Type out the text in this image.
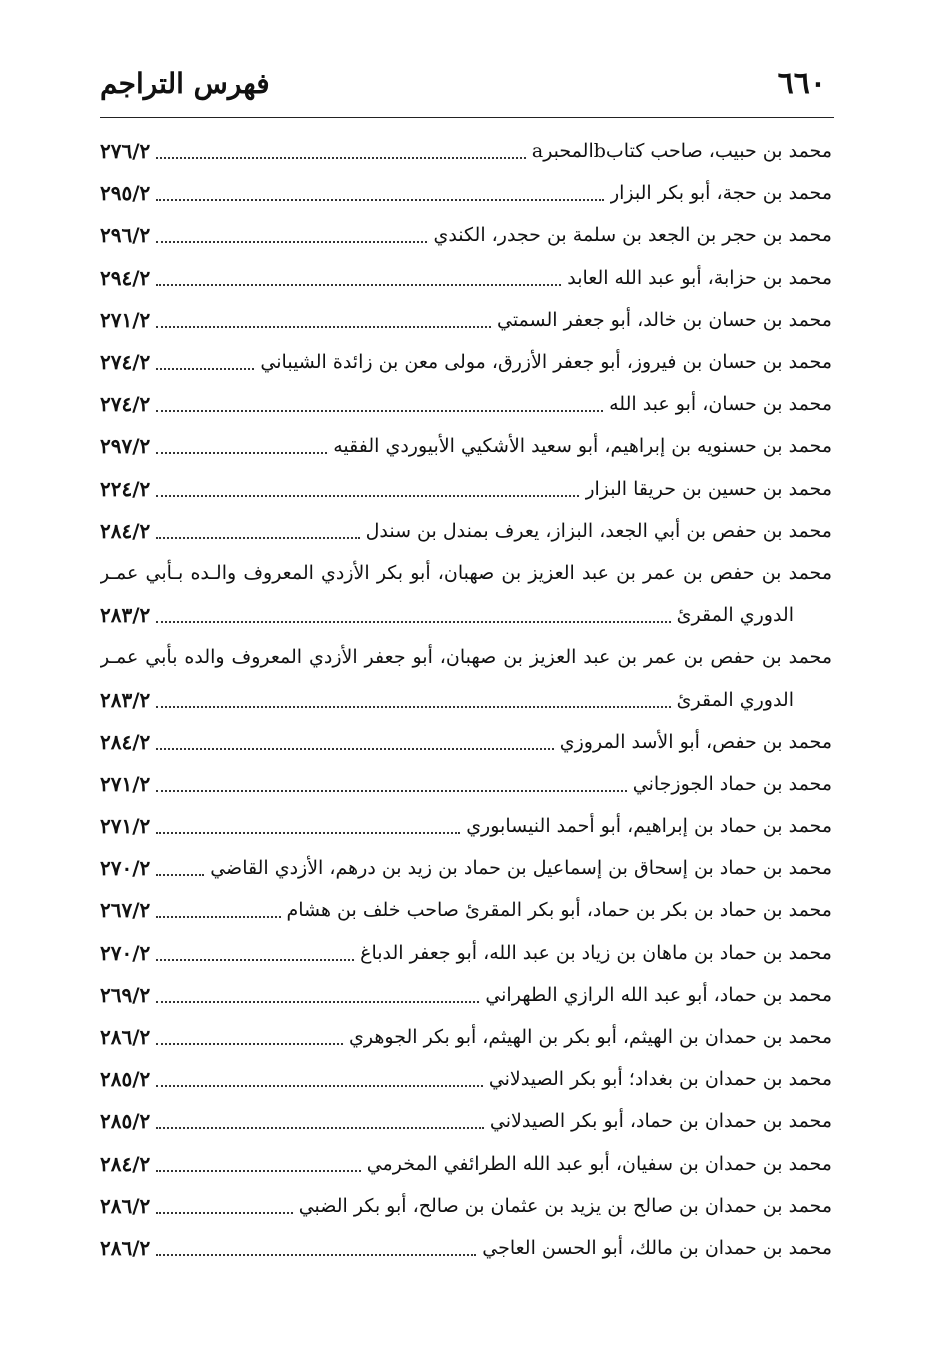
٦٦٠
فهرس التراجم
محمد بن حبيب، صاحب كتابbالمحبرa
٢٧٦/٢
محمد بن حجة، أبو بكر البزار
٢٩٥/٢
محمد بن حجر بن الجعد بن سلمة بن حجدر، الكندي
٢٩٦/٢
محمد بن حزابة، أبو عبد الله العابد
٢٩٤/٢
محمد بن حسان بن خالد، أبو جعفر السمتي
٢٧١/٢
محمد بن حسان بن فيروز، أبو جعفر الأزرق، مولى معن بن زائدة الشيباني
٢٧٤/٢
محمد بن حسان، أبو عبد الله
٢٧٤/٢
محمد بن حسنويه بن إبراهيم، أبو سعيد الأشكيي الأبيوردي الفقيه
٢٩٧/٢
محمد بن حسين بن حريقا البزار
٢٢٤/٢
محمد بن حفص بن أبي الجعد، البزاز، يعرف بمندل بن سندل
٢٨٤/٢
محمد بن حفص بن عمر بن عبد العزيز بن صهبان، أبو بكر الأزدي المعروف والـده بـأبي عمـر
الدوري المقرئ
٢٨٣/٢
محمد بن حفص بن عمر بن عبد العزيز بن صهبان، أبو جعفر الأزدي المعروف والده بأبي عمـر
الدوري المقرئ
٢٨٣/٢
محمد بن حفص، أبو الأسد المروزي
٢٨٤/٢
محمد بن حماد الجوزجاني
٢٧١/٢
محمد بن حماد بن إبراهيم، أبو أحمد النيسابوري
٢٧١/٢
محمد بن حماد بن إسحاق بن إسماعيل بن حماد بن زيد بن درهم، الأزدي القاضي
٢٧٠/٢
محمد بن حماد بن بكر بن حماد، أبو بكر المقرئ صاحب خلف بن هشام
٢٦٧/٢
محمد بن حماد بن ماهان بن زياد بن عبد الله، أبو جعفر الدباغ
٢٧٠/٢
محمد بن حماد، أبو عبد الله الرازي الطهراني
٢٦٩/٢
محمد بن حمدان بن الهيثم، أبو بكر بن الهيثم، أبو بكر الجوهري
٢٨٦/٢
محمد بن حمدان بن بغداد؛ أبو بكر الصيدلاني
٢٨٥/٢
محمد بن حمدان بن حماد، أبو بكر الصيدلاني
٢٨٥/٢
محمد بن حمدان بن سفيان، أبو عبد الله الطرائفي المخرمي
٢٨٤/٢
محمد بن حمدان بن صالح بن يزيد بن عثمان بن صالح، أبو بكر الضبي
٢٨٦/٢
محمد بن حمدان بن مالك، أبو الحسن العاجي
٢٨٦/٢
